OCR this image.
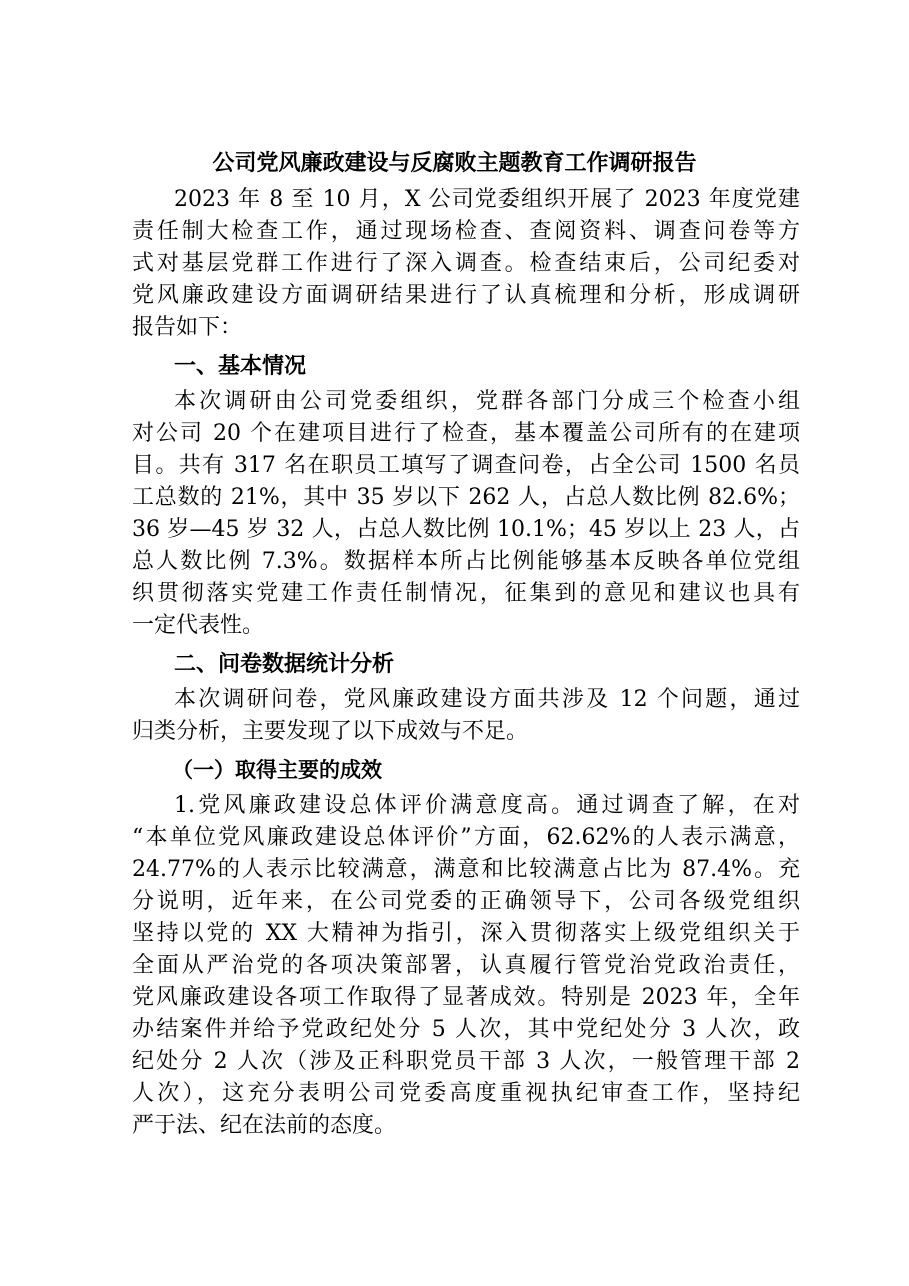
公司党风廉政建设与反腐败主题教育工作调研报告
2023 年 8 至 10 月，X 公司党委组织开展了 2023 年度党建
责任制大检查工作，通过现场检查、查阅资料、调查问卷等方
式对基层党群工作进行了深入调查。检查结束后，公司纪委对
党风廉政建设方面调研结果进行了认真梳理和分析，形成调研
报告如下：
一、基本情况
本次调研由公司党委组织，党群各部门分成三个检查小组
对公司 20 个在建项目进行了检查，基本覆盖公司所有的在建项
目。共有 317 名在职员工填写了调查问卷，占全公司 1500 名员
工总数的 21%，其中 35 岁以下 262 人，占总人数比例 82.6%；
36 岁—45 岁 32 人，占总人数比例 10.1%；45 岁以上 23 人，占
总人数比例 7.3%。数据样本所占比例能够基本反映各单位党组
织贯彻落实党建工作责任制情况，征集到的意见和建议也具有
一定代表性。
二、问卷数据统计分析
本次调研问卷，党风廉政建设方面共涉及 12 个问题，通过
归类分析，主要发现了以下成效与不足。
（一）取得主要的成效
1.党风廉政建设总体评价满意度高。通过调查了解，在对
“本单位党风廉政建设总体评价”方面，62.62%的人表示满意，
24.77%的人表示比较满意，满意和比较满意占比为 87.4%。充
分说明，近年来，在公司党委的正确领导下，公司各级党组织
坚持以党的 XX 大精神为指引，深入贯彻落实上级党组织关于
全面从严治党的各项决策部署，认真履行管党治党政治责任，
党风廉政建设各项工作取得了显著成效。特别是 2023 年，全年
办结案件并给予党政纪处分 5 人次，其中党纪处分 3 人次，政
纪处分 2 人次（涉及正科职党员干部 3 人次，一般管理干部 2
人次），这充分表明公司党委高度重视执纪审查工作，坚持纪
严于法、纪在法前的态度。
